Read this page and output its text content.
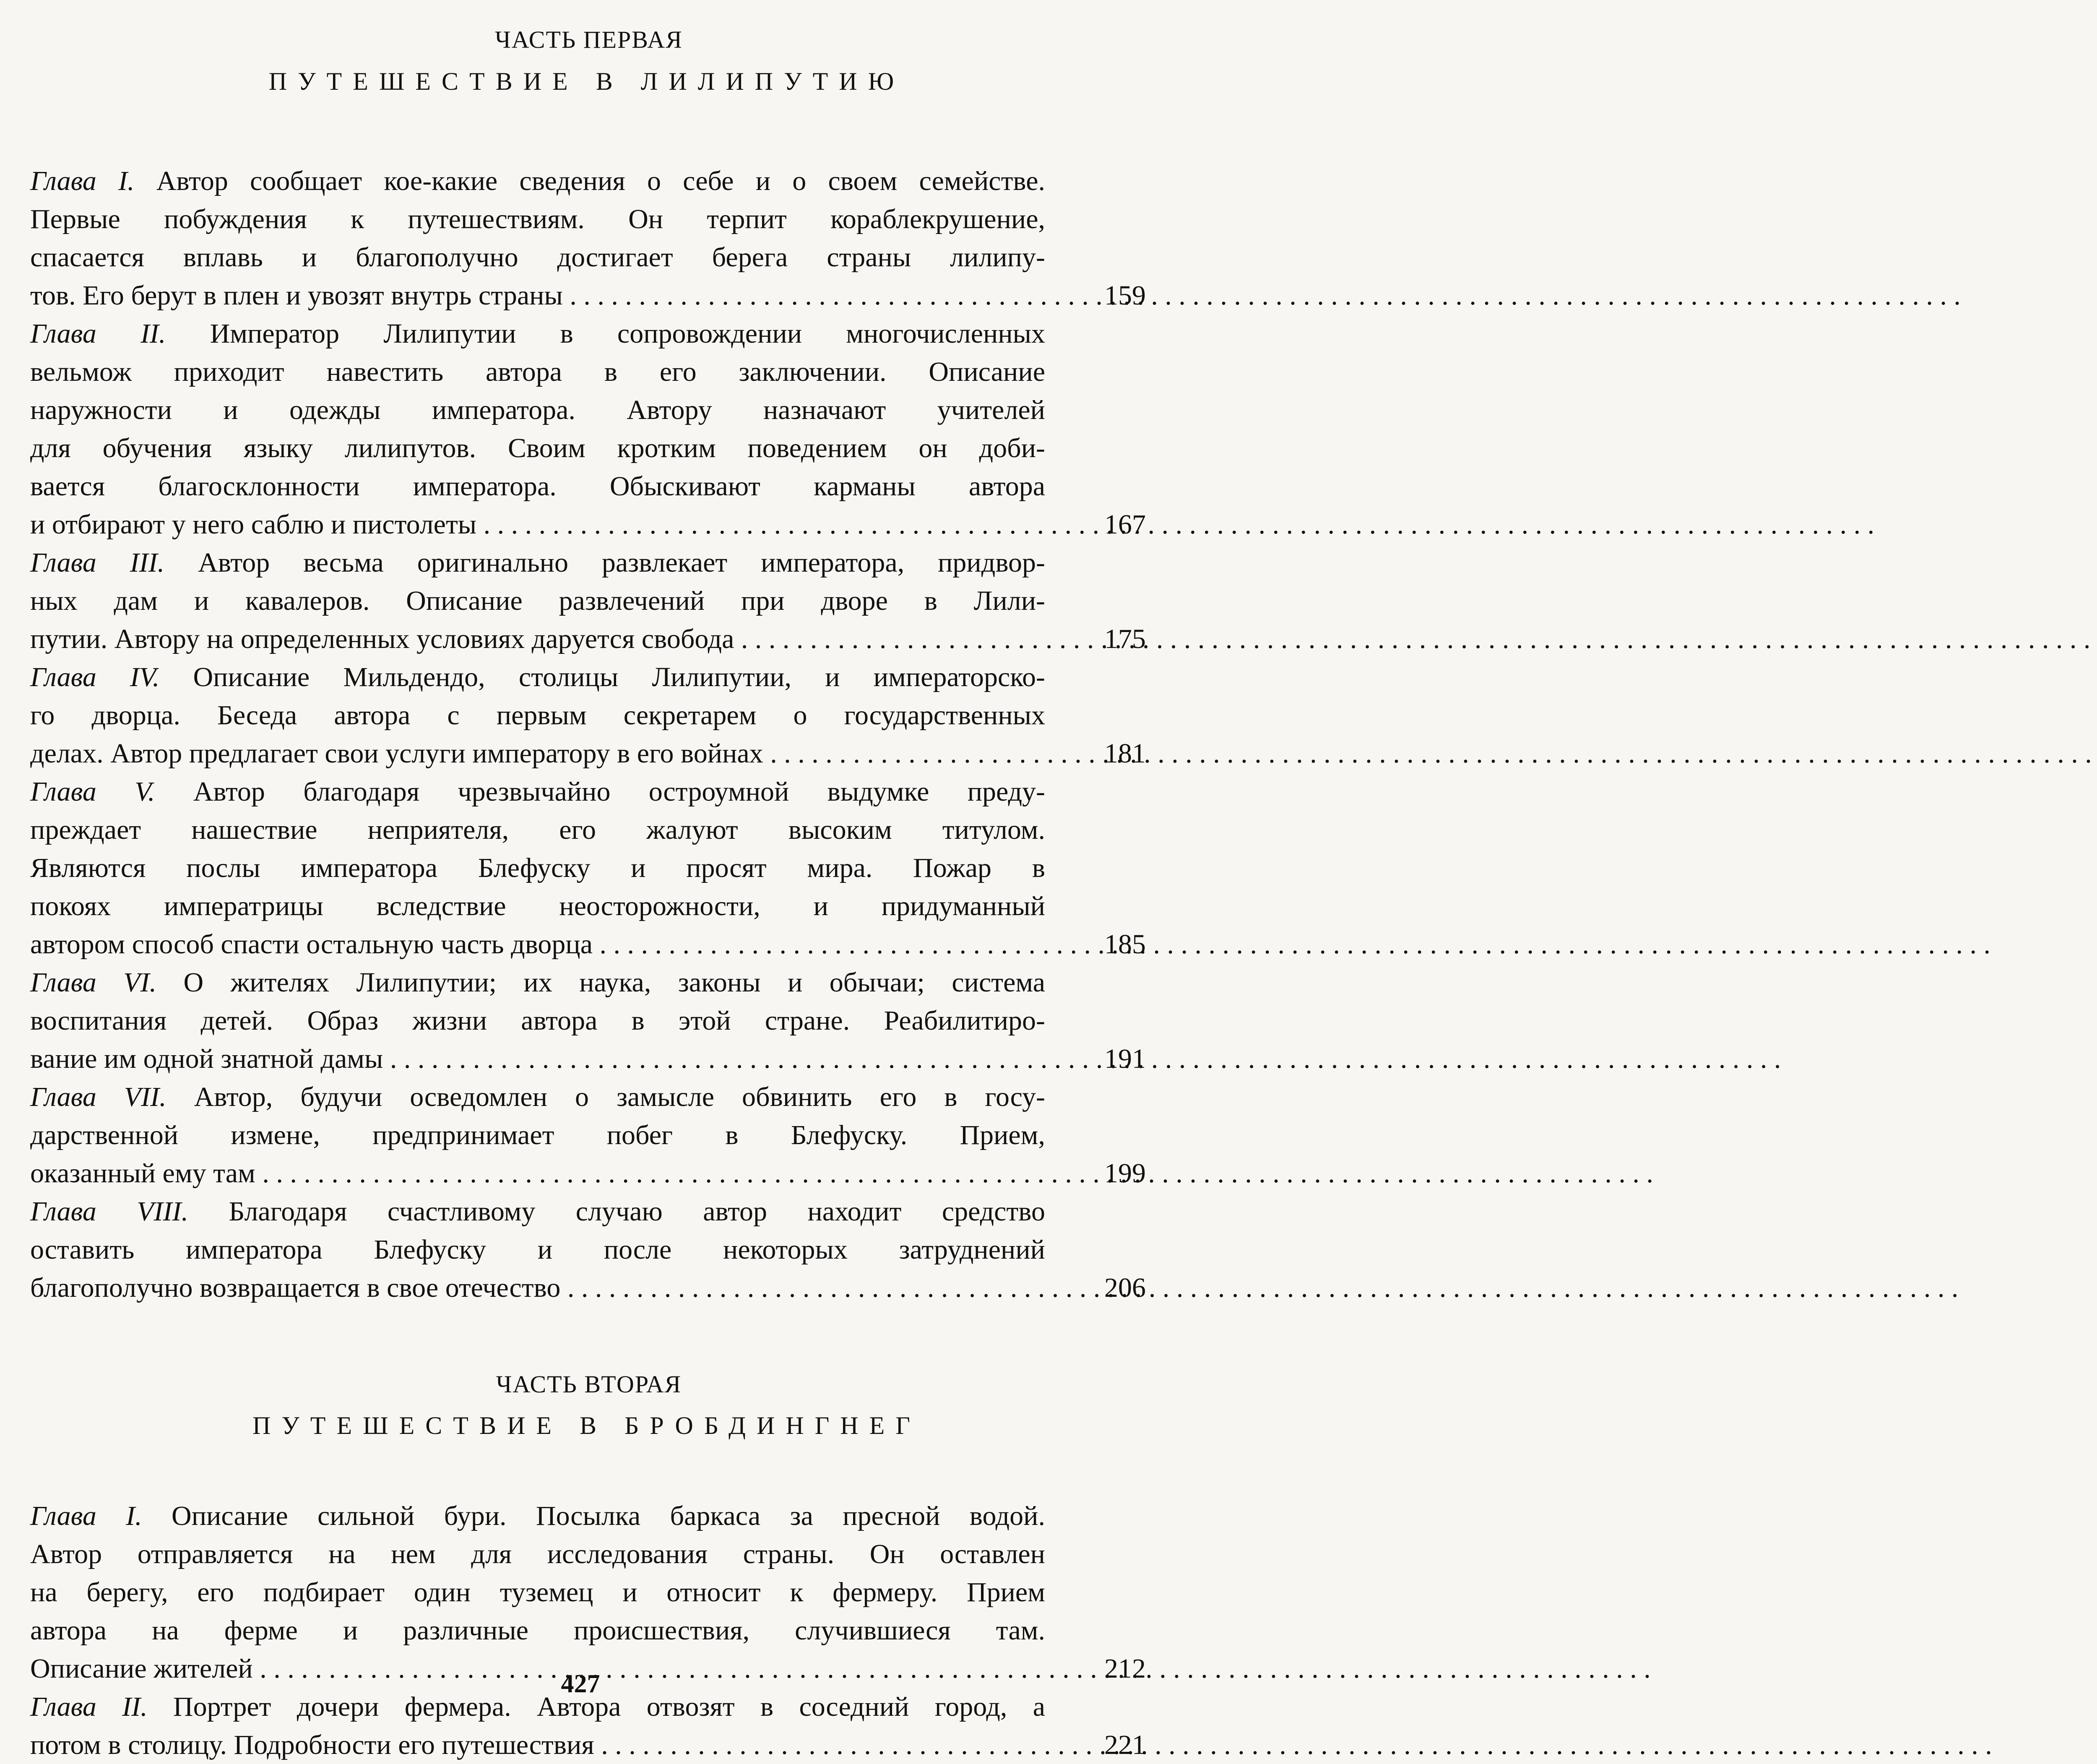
ЧАСТЬ ПЕРВАЯ
ПУТЕШЕСТВИЕ В ЛИЛИПУТИЮ
Глава I. Автор сообщает кое-какие сведения о себе и о своем семействе.
Первые побуждения к путешествиям. Он терпит кораблекрушение,
спасается вплавь и благополучно достигает берега страны лилипу-
тов. Его берут в плен и увозят внутрь страны . . .	159
Глава II. Император Лилипутии в сопровождении многочисленных
вельмож приходит навестить автора в его заключении. Описание
наружности и одежды императора. Автору назначают учителей
для обучения языку лилипутов. Своим кротким поведением он доби-
вается благосклонности императора. Обыскивают карманы автора
и отбирают у него саблю и пистолеты . . .	167
Глава III. Автор весьма оригинально развлекает императора, придвор-
ных дам и кавалеров. Описание развлечений при дворе в Лили-
путии. Автору на определенных условиях даруется свобода . . .	175
Глава IV. Описание Мильдендо, столицы Лилипутии, и императорско-
го дворца. Беседа автора с первым секретарем о государственных
делах. Автор предлагает свои услуги императору в его войнах . . .	181
Глава V. Автор благодаря чрезвычайно остроумной выдумке преду-
преждает нашествие неприятеля, его жалуют высоким титулом.
Являются послы императора Блефуску и просят мира. Пожар в
покоях императрицы вследствие неосторожности, и придуманный
автором способ спасти остальную часть дворца . . .	185
Глава VI. О жителях Лилипутии; их наука, законы и обычаи; система
воспитания детей. Образ жизни автора в этой стране. Реабилитиро-
вание им одной знатной дамы . . .	191
Глава VII. Автор, будучи осведомлен о замысле обвинить его в госу-
дарственной измене, предпринимает побег в Блефуску. Прием,
оказанный ему там . . .	199
Глава VIII. Благодаря счастливому случаю автор находит средство
оставить императора Блефуску и после некоторых затруднений
благополучно возвращается в свое отечество . . .	206
ЧАСТЬ ВТОРАЯ
ПУТЕШЕСТВИЕ В БРОБДИНГНЕГ
Глава I. Описание сильной бури. Посылка баркаса за пресной водой.
Автор отправляется на нем для исследования страны. Он оставлен
на берегу, его подбирает один туземец и относит к фермеру. Прием
автора на ферме и различные происшествия, случившиеся там.
Описание жителей . . .	212
Глава II. Портрет дочери фермера. Автора отвозят в соседний город, а
потом в столицу. Подробности его путешествия . . .	221
427
